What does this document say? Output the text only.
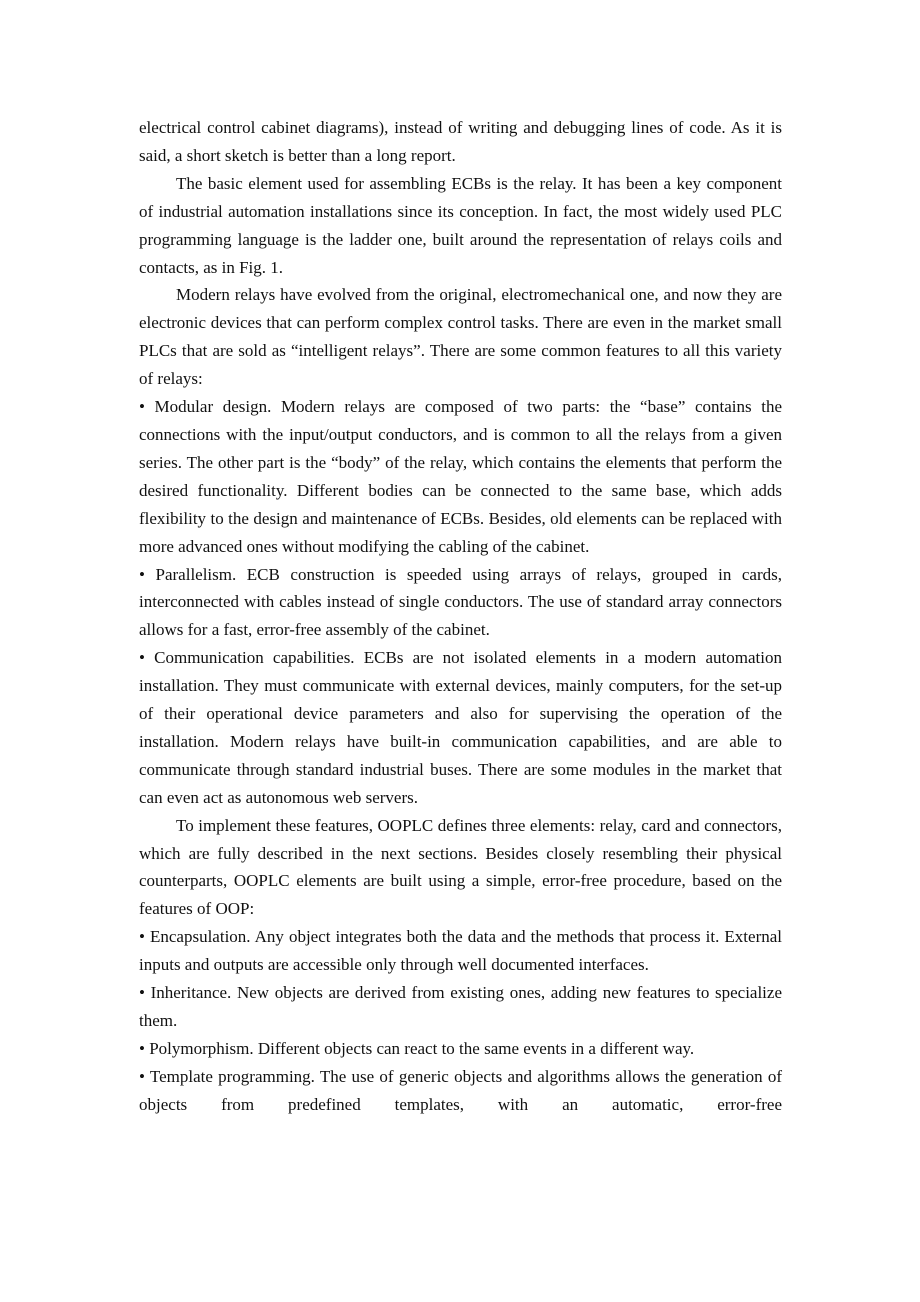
electrical control cabinet diagrams), instead of writing and debugging lines of code. As it is said, a short sketch is better than a long report.

The basic element used for assembling ECBs is the relay. It has been a key component of industrial automation installations since its conception. In fact, the most widely used PLC programming language is the ladder one, built around the representation of relays coils and contacts, as in Fig. 1.

Modern relays have evolved from the original, electromechanical one, and now they are electronic devices that can perform complex control tasks. There are even in the market small PLCs that are sold as “intelligent relays”. There are some common features to all this variety of relays:

• Modular design. Modern relays are composed of two parts: the “base” contains the connections with the input/output conductors, and is common to all the relays from a given series. The other part is the “body” of the relay, which contains the elements that perform the desired functionality. Different bodies can be connected to the same base, which adds flexibility to the design and maintenance of ECBs. Besides, old elements can be replaced with more advanced ones without modifying the cabling of the cabinet.

• Parallelism. ECB construction is speeded using arrays of relays, grouped in cards, interconnected with cables instead of single conductors. The use of standard array connectors allows for a fast, error-free assembly of the cabinet.

• Communication capabilities. ECBs are not isolated elements in a modern automation installation. They must communicate with external devices, mainly computers, for the set-up of their operational device parameters and also for supervising the operation of the installation. Modern relays have built-in communication capabilities, and are able to communicate through standard industrial buses. There are some modules in the market that can even act as autonomous web servers.

To implement these features, OOPLC defines three elements: relay, card and connectors, which are fully described in the next sections. Besides closely resembling their physical counterparts, OOPLC elements are built using a simple, error-free procedure, based on the features of OOP:

• Encapsulation. Any object integrates both the data and the methods that process it. External inputs and outputs are accessible only through well documented interfaces.

• Inheritance. New objects are derived from existing ones, adding new features to specialize them.

• Polymorphism. Different objects can react to the same events in a different way.

• Template programming. The use of generic objects and algorithms allows the generation of objects from predefined templates, with an automatic, error-free
